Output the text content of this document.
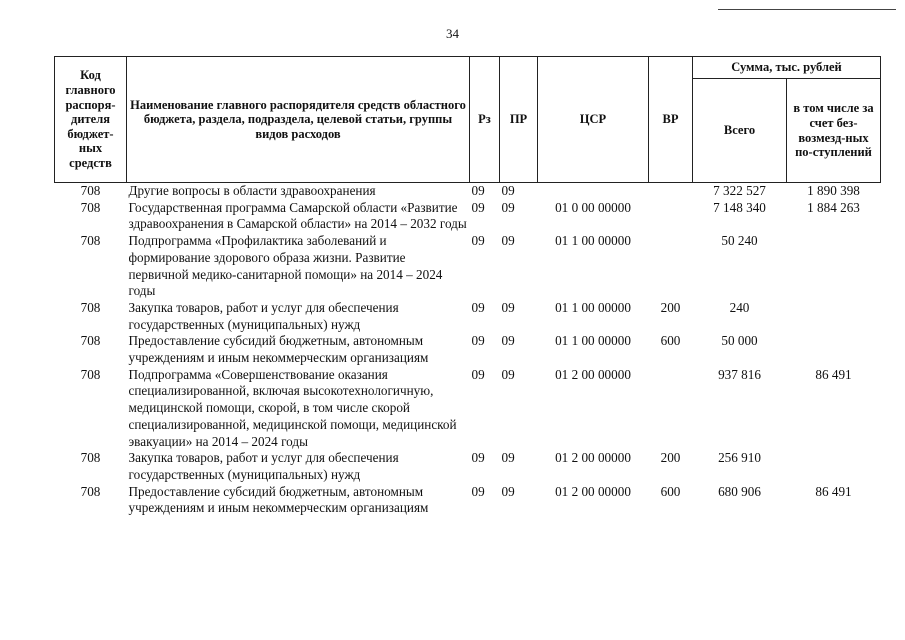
34
Код главного распоря-дителя бюджет-ных средств	Наименование главного распорядителя средств областного бюджета, раздела, подраздела, целевой статьи, группы видов расходов	Рз	ПР	ЦСР	ВР	Сумма, тыс. рублей	
						Всего	в том числе за счет без-возмезд-ных по-ступлений
708	Другие вопросы в области здравоохранения	09	09			7 322 527	1 890 398
708	Государственная программа Самарской области «Развитие здравоохранения в Самарской области» на 2014 – 2032 годы	09	09	01 0 00 00000		7 148 340	1 884 263
708	Подпрограмма «Профилактика заболеваний и формирование здорового образа жизни. Развитие первичной медико-санитарной помощи» на 2014 – 2024 годы	09	09	01 1 00 00000		50 240	
708	Закупка товаров, работ и услуг для обеспечения государственных (муниципальных) нужд	09	09	01 1 00 00000	200	240	
708	Предоставление субсидий бюджетным, автономным учреждениям и иным некоммерческим организациям	09	09	01 1 00 00000	600	50 000	
708	Подпрограмма «Совершенствование оказания специализированной, включая высокотехнологичную, медицинской помощи, скорой, в том числе скорой специализированной, медицинской помощи, медицинской эвакуации» на 2014 – 2024 годы	09	09	01 2 00 00000		937 816	86 491
708	Закупка товаров, работ и услуг для обеспечения государственных (муниципальных) нужд	09	09	01 2 00 00000	200	256 910	
708	Предоставление субсидий бюджетным, автономным учреждениям и иным некоммерческим организациям	09	09	01 2 00 00000	600	680 906	86 491
